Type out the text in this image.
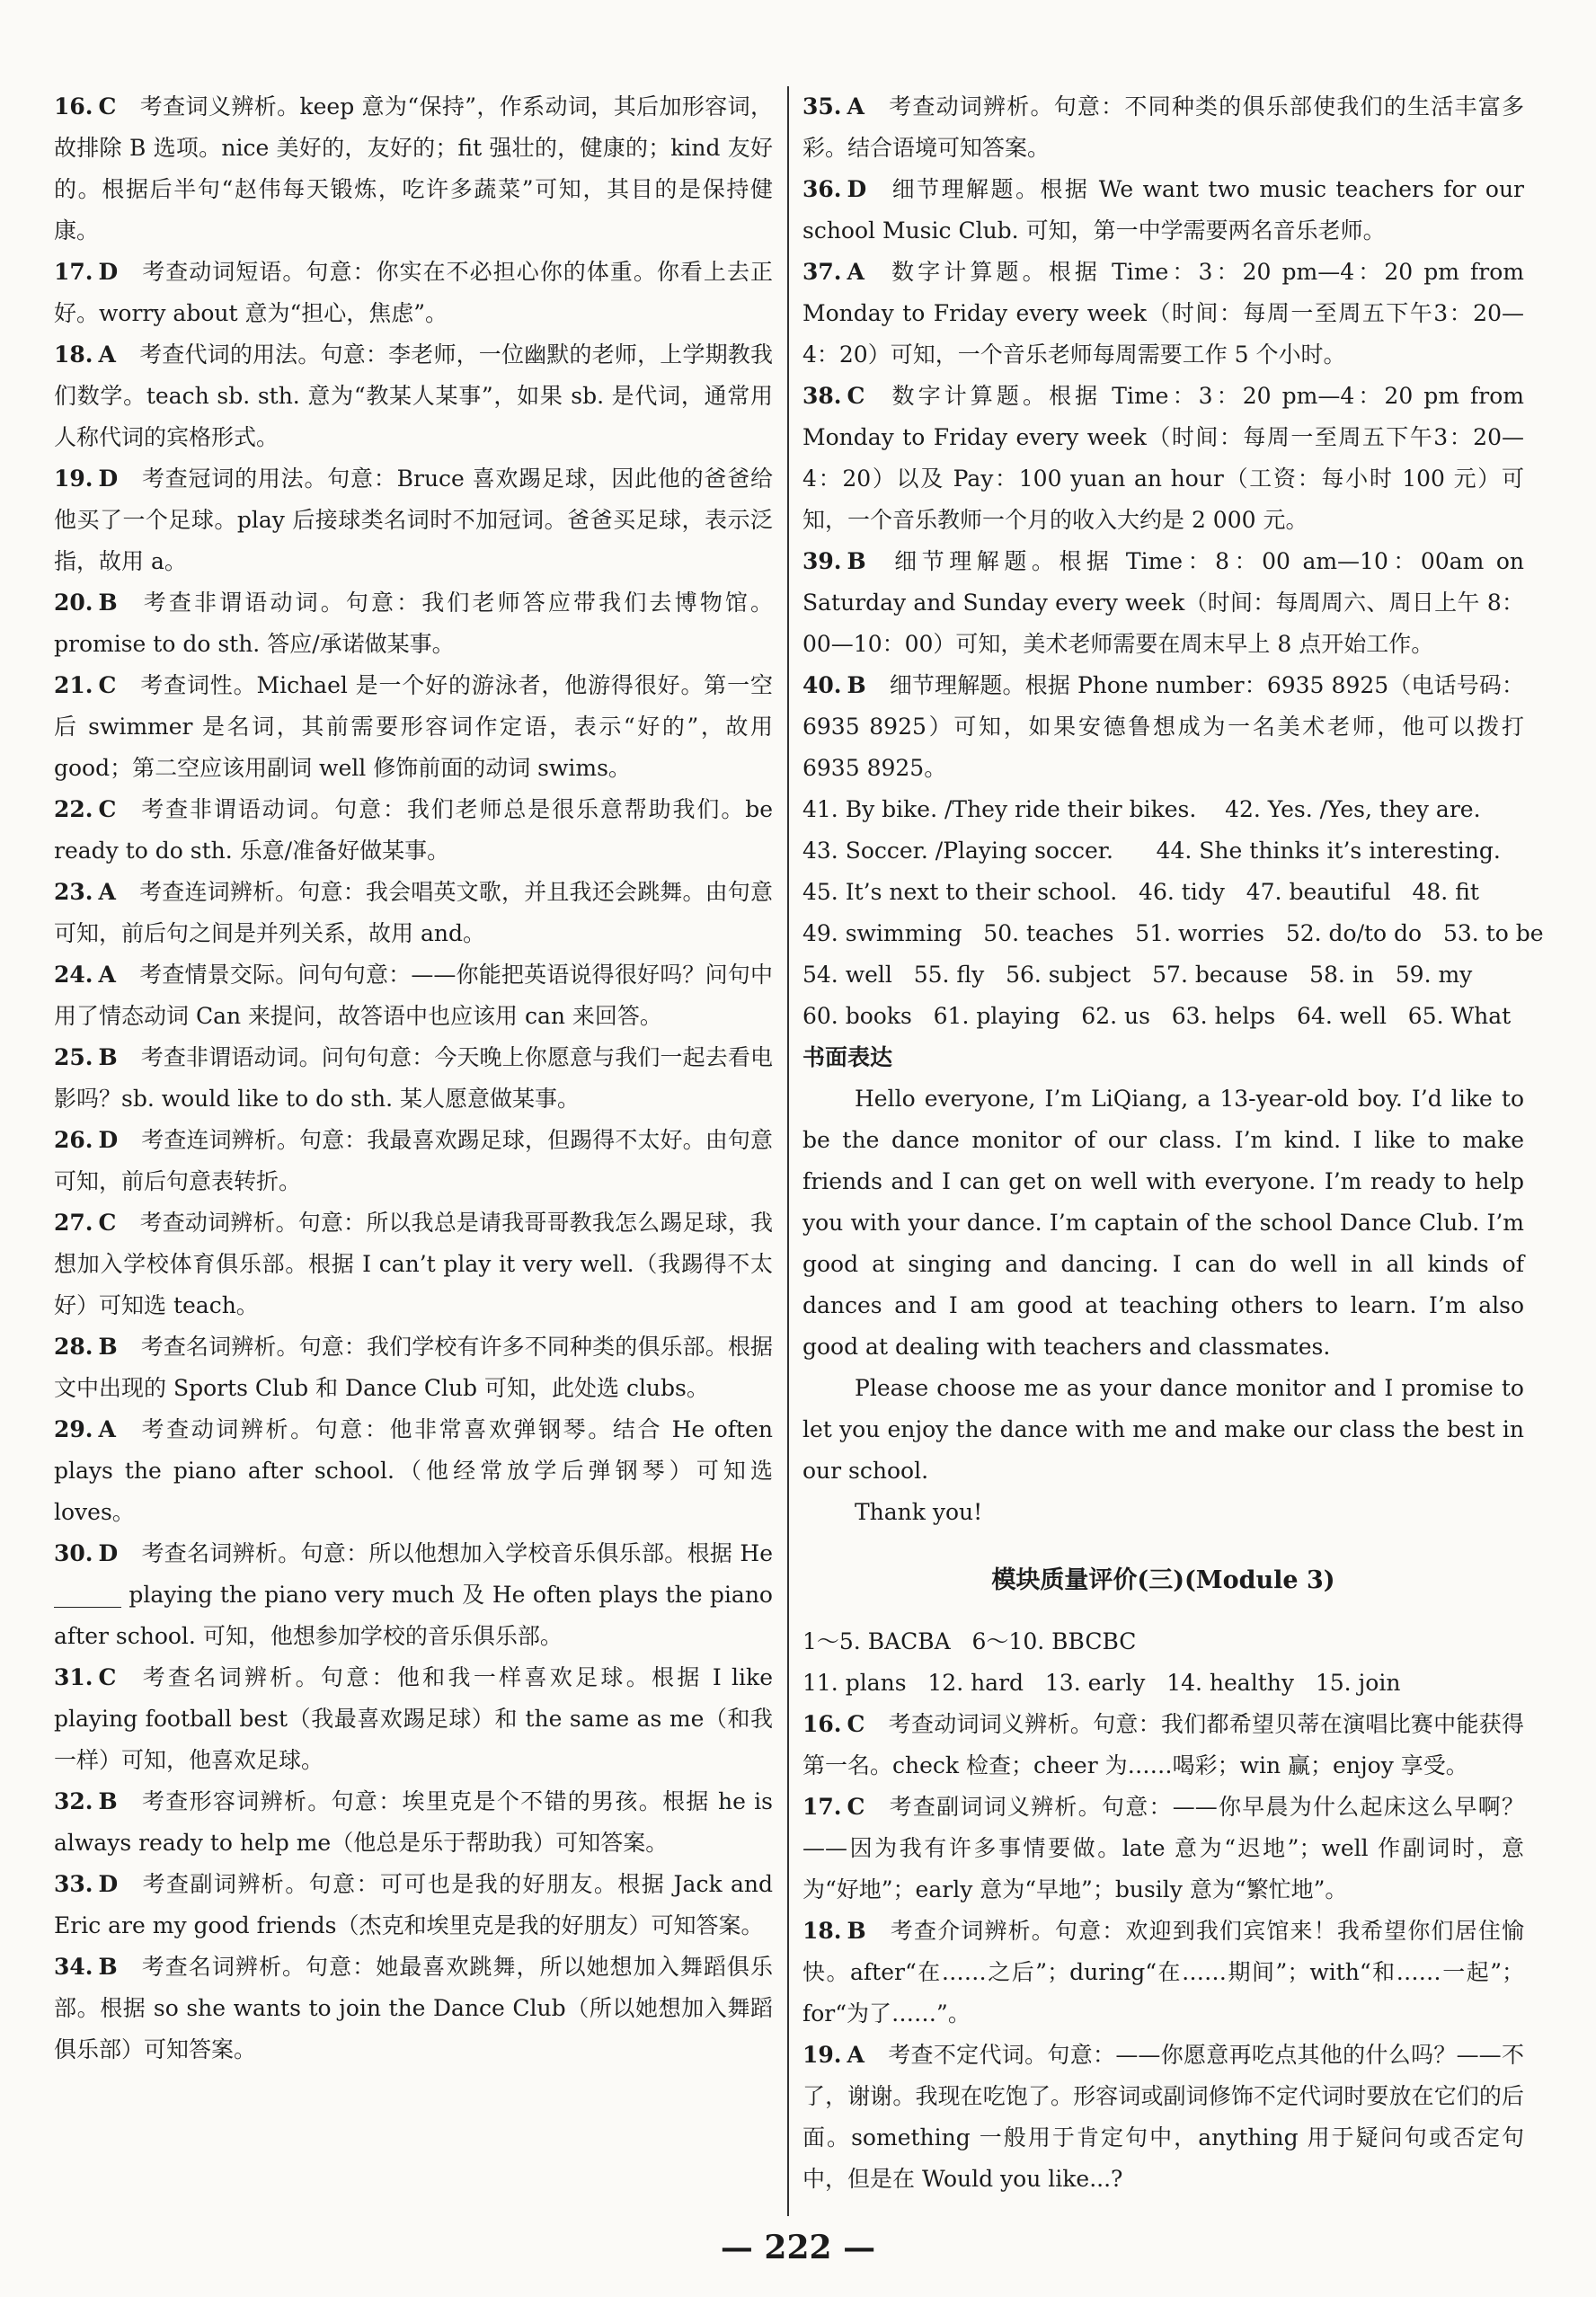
16. C 考查词义辨析。keep 意为“保持”，作系动词，其后加形容词，故排除 B 选项。nice 美好的，友好的；fit 强壮的，健康的；kind 友好的。根据后半句“赵伟每天锻炼，吃许多蔬菜”可知，其目的是保持健康。

17. D 考查动词短语。句意：你实在不必担心你的体重。你看上去正好。worry about 意为“担心，焦虑”。

18. A 考查代词的用法。句意：李老师，一位幽默的老师，上学期教我们数学。teach sb. sth. 意为“教某人某事”，如果 sb. 是代词，通常用人称代词的宾格形式。

19. D 考查冠词的用法。句意：Bruce 喜欢踢足球，因此他的爸爸给他买了一个足球。play 后接球类名词时不加冠词。爸爸买足球，表示泛指，故用 a。

20. B 考查非谓语动词。句意：我们老师答应带我们去博物馆。promise to do sth. 答应/承诺做某事。

21. C 考查词性。Michael 是一个好的游泳者，他游得很好。第一空后 swimmer 是名词，其前需要形容词作定语，表示“好的”，故用 good；第二空应该用副词 well 修饰前面的动词 swims。

22. C 考查非谓语动词。句意：我们老师总是很乐意帮助我们。be ready to do sth. 乐意/准备好做某事。

23. A 考查连词辨析。句意：我会唱英文歌，并且我还会跳舞。由句意可知，前后句之间是并列关系，故用 and。

24. A 考查情景交际。问句句意：——你能把英语说得很好吗？问句中用了情态动词 Can 来提问，故答语中也应该用 can 来回答。

25. B 考查非谓语动词。问句句意：今天晚上你愿意与我们一起去看电影吗？sb. would like to do sth. 某人愿意做某事。

26. D 考查连词辨析。句意：我最喜欢踢足球，但踢得不太好。由句意可知，前后句意表转折。

27. C 考查动词辨析。句意：所以我总是请我哥哥教我怎么踢足球，我想加入学校体育俱乐部。根据 I can’t play it very well.（我踢得不太好）可知选 teach。

28. B 考查名词辨析。句意：我们学校有许多不同种类的俱乐部。根据文中出现的 Sports Club 和 Dance Club 可知，此处选 clubs。

29. A 考查动词辨析。句意：他非常喜欢弹钢琴。结合 He often plays the piano after school.（他经常放学后弹钢琴）可知选 loves。

30. D 考查名词辨析。句意：所以他想加入学校音乐俱乐部。根据 He ______ playing the piano very much 及 He often plays the piano after school. 可知，他想参加学校的音乐俱乐部。

31. C 考查名词辨析。句意：他和我一样喜欢足球。根据 I like playing football best（我最喜欢踢足球）和 the same as me（和我一样）可知，他喜欢足球。

32. B 考查形容词辨析。句意：埃里克是个不错的男孩。根据 he is always ready to help me（他总是乐于帮助我）可知答案。

33. D 考查副词辨析。句意：可可也是我的好朋友。根据 Jack and Eric are my good friends（杰克和埃里克是我的好朋友）可知答案。

34. B 考查名词辨析。句意：她最喜欢跳舞，所以她想加入舞蹈俱乐部。根据 so she wants to join the Dance Club（所以她想加入舞蹈俱乐部）可知答案。

35. A 考查动词辨析。句意：不同种类的俱乐部使我们的生活丰富多彩。结合语境可知答案。

36. D 细节理解题。根据 We want two music teachers for our school Music Club. 可知，第一中学需要两名音乐老师。

37. A 数字计算题。根据 Time：3：20 pm—4：20 pm from Monday to Friday every week（时间：每周一至周五下午3：20—4：20）可知，一个音乐老师每周需要工作 5 个小时。

38. C 数字计算题。根据 Time：3：20 pm—4：20 pm from Monday to Friday every week（时间：每周一至周五下午3：20—4：20）以及 Pay：100 yuan an hour（工资：每小时 100 元）可知，一个音乐教师一个月的收入大约是 2 000 元。

39. B 细节理解题。根据 Time：8：00 am—10：00am on Saturday and Sunday every week（时间：每周周六、周日上午 8：00—10：00）可知，美术老师需要在周末早上 8 点开始工作。

40. B 细节理解题。根据 Phone number：6935 8925（电话号码：6935 8925）可知，如果安德鲁想成为一名美术老师，他可以拨打 6935 8925。

41. By bike. /They ride their bikes.    42. Yes. /Yes, they are.

43. Soccer. /Playing soccer.      44. She thinks it’s interesting.

45. It’s next to their school.   46. tidy   47. beautiful   48. fit

49. swimming   50. teaches   51. worries   52. do/to do   53. to be

54. well   55. fly   56. subject   57. because   58. in   59. my

60. books   61. playing   62. us   63. helps   64. well   65. What

书面表达

Hello everyone, I’m LiQiang, a 13-year-old boy. I’d like to be the dance monitor of our class. I’m kind. I like to make friends and I can get on well with everyone. I’m ready to help you with your dance. I’m captain of the school Dance Club. I’m good at singing and dancing. I can do well in all kinds of dances and I am good at teaching others to learn. I’m also good at dealing with teachers and classmates.

Please choose me as your dance monitor and I promise to let you enjoy the dance with me and make our class the best in our school.

Thank you!

模块质量评价(三)(Module 3)

1～5. BACBA   6～10. BBCBC

11. plans   12. hard   13. early   14. healthy   15. join

16. C 考查动词词义辨析。句意：我们都希望贝蒂在演唱比赛中能获得第一名。check 检查；cheer 为……喝彩；win 赢；enjoy 享受。

17. C 考查副词词义辨析。句意：——你早晨为什么起床这么早啊？——因为我有许多事情要做。late 意为“迟地”；well 作副词时，意为“好地”；early 意为“早地”；busily 意为“繁忙地”。

18. B 考查介词辨析。句意：欢迎到我们宾馆来！我希望你们居住愉快。after“在……之后”；during“在……期间”；with“和……一起”；for“为了……”。

19. A 考查不定代词。句意：——你愿意再吃点其他的什么吗？——不了，谢谢。我现在吃饱了。形容词或副词修饰不定代词时要放在它们的后面。something 一般用于肯定句中，anything 用于疑问句或否定句中，但是在 Would you like...?

— 222 —
